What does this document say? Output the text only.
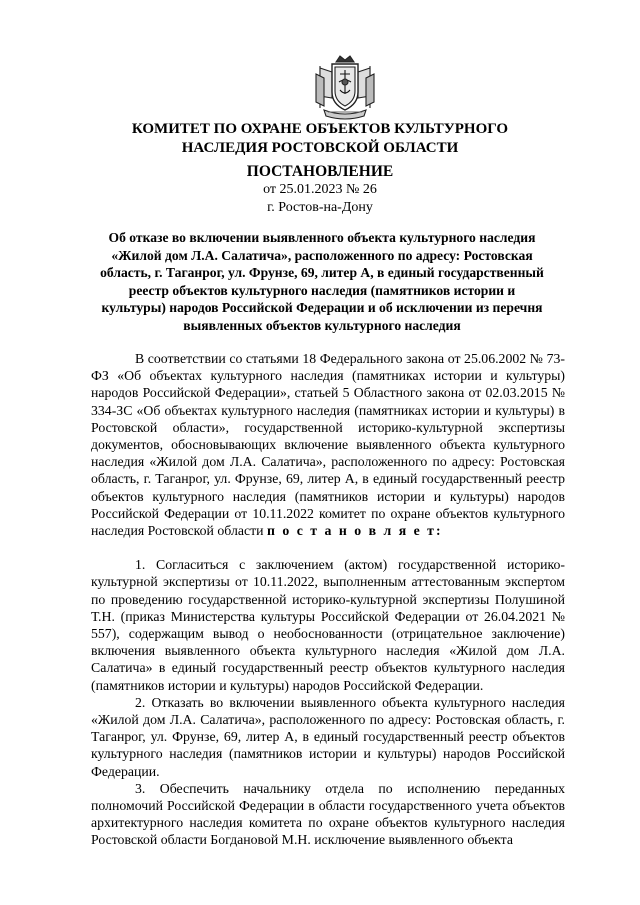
КОМИТЕТ ПО ОХРАНЕ ОБЪЕКТОВ КУЛЬТУРНОГО
НАСЛЕДИЯ РОСТОВСКОЙ ОБЛАСТИ
ПОСТАНОВЛЕНИЕ
от 25.01.2023 № 26
г. Ростов-на-Дону
Об отказе во включении выявленного объекта культурного наследия «Жилой дом Л.А. Салатича», расположенного по адресу: Ростовская область, г. Таганрог, ул. Фрунзе, 69, литер А, в единый государственный реестр объектов культурного наследия (памятников истории и культуры) народов Российской Федерации и об исключении из перечня выявленных объектов культурного наследия

В соответствии со статьями 18 Федерального закона от 25.06.2002 № 73-ФЗ «Об объектах культурного наследия (памятниках истории и культуры) народов Российской Федерации», статьей 5 Областного закона от 02.03.2015 № 334-ЗС «Об объектах культурного наследия (памятниках истории и культуры) в Ростовской области», государственной историко-культурной экспертизы документов, обосновывающих включение выявленного объекта культурного наследия «Жилой дом Л.А. Салатича», расположенного по адресу: Ростовская область, г. Таганрог, ул. Фрунзе, 69, литер А, в единый государственный реестр объектов культурного наследия (памятников истории и культуры) народов Российской Федерации от 10.11.2022 комитет по охране объектов культурного наследия Ростовской области п о с т а н о в л я е т:

1. Согласиться с заключением (актом) государственной историко-культурной экспертизы от 10.11.2022, выполненным аттестованным экспертом по проведению государственной историко-культурной экспертизы Полушиной Т.Н. (приказ Министерства культуры Российской Федерации от 26.04.2021 № 557), содержащим вывод о необоснованности (отрицательное заключение) включения выявленного объекта культурного наследия «Жилой дом Л.А. Салатича» в единый государственный реестр объектов культурного наследия (памятников истории и культуры) народов Российской Федерации.

2. Отказать во включении выявленного объекта культурного наследия «Жилой дом Л.А. Салатича», расположенного по адресу: Ростовская область, г. Таганрог, ул. Фрунзе, 69, литер А, в единый государственный реестр объектов культурного наследия (памятников истории и культуры) народов Российской Федерации.

3. Обеспечить начальнику отдела по исполнению переданных полномочий Российской Федерации в области государственного учета объектов архитектурного наследия комитета по охране объектов культурного наследия Ростовской области Богдановой М.Н. исключение выявленного объекта
